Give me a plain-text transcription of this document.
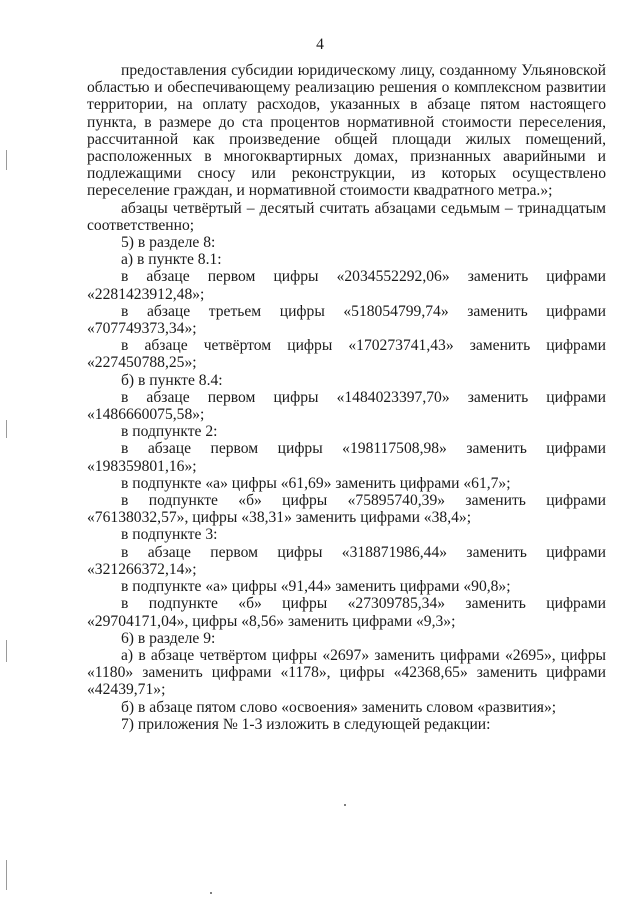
4

предоставления субсидии юридическому лицу, созданному Ульяновской областью и обеспечивающему реализацию решения о комплексном развитии территории, на оплату расходов, указанных в абзаце пятом настоящего пункта, в размере до ста процентов нормативной стоимости переселения, рассчитанной как произведение общей площади жилых помещений, расположенных в многоквартирных домах, признанных аварийными и подлежащими сносу или реконструкции, из которых осуществлено переселение граждан, и нормативной стоимости квадратного метра.»;

абзацы четвёртый – десятый считать абзацами седьмым – тринадцатым соответственно;

5) в разделе 8:

а) в пункте 8.1:

в абзаце первом цифры «2034552292,06» заменить цифрами «2281423912,48»;

в абзаце третьем цифры «518054799,74» заменить цифрами «707749373,34»;

в абзаце четвёртом цифры «170273741,43» заменить цифрами «227450788,25»;

б) в пункте 8.4:

в абзаце первом цифры «1484023397,70» заменить цифрами «1486660075,58»;

в подпункте 2:

в абзаце первом цифры «198117508,98» заменить цифрами «198359801,16»;

в подпункте «а» цифры «61,69» заменить цифрами «61,7»;

в подпункте «б» цифры «75895740,39» заменить цифрами «76138032,57», цифры «38,31» заменить цифрами «38,4»;

в подпункте 3:

в абзаце первом цифры «318871986,44» заменить цифрами «321266372,14»;

в подпункте «а» цифры «91,44» заменить цифрами «90,8»;

в подпункте «б» цифры «27309785,34» заменить цифрами «29704171,04», цифры «8,56» заменить цифрами «9,3»;

6) в разделе 9:

а) в абзаце четвёртом цифры «2697» заменить цифрами «2695», цифры «1180» заменить цифрами «1178», цифры «42368,65» заменить цифрами «42439,71»;

б) в абзаце пятом слово «освоения» заменить словом «развития»;

7) приложения № 1-3 изложить в следующей редакции:
